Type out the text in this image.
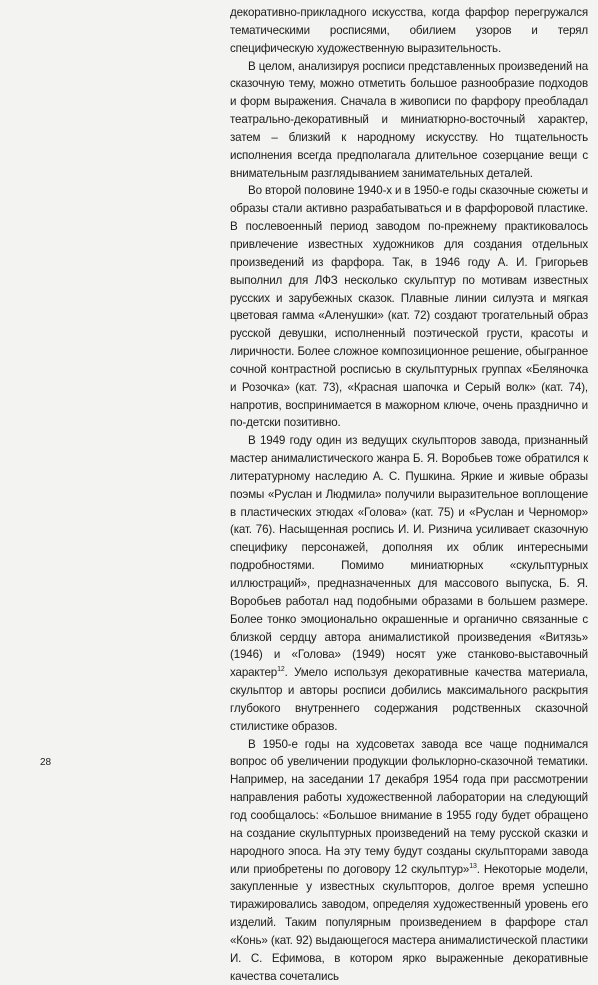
декоративно-прикладного искусства, когда фарфор перегружался тематическими росписями, обилием узоров и терял специфическую художественную выразительность.

В целом, анализируя росписи представленных произведений на сказочную тему, можно отметить большое разнообразие подходов и форм выражения. Сначала в живописи по фарфору преобладал театрально-декоративный и миниатюрно-восточный характер, затем – близкий к народному искусству. Но тщательность исполнения всегда предполагала длительное созерцание вещи с внимательным разглядыванием занимательных деталей.

Во второй половине 1940-х и в 1950-е годы сказочные сюжеты и образы стали активно разрабатываться и в фарфоровой пластике. В послевоенный период заводом по-прежнему практиковалось привлечение известных художников для создания отдельных произведений из фарфора. Так, в 1946 году А. И. Григорьев выполнил для ЛФЗ несколько скульптур по мотивам известных русских и зарубежных сказок. Плавные линии силуэта и мягкая цветовая гамма «Аленушки» (кат. 72) создают трогательный образ русской девушки, исполненный поэтической грусти, красоты и лиричности. Более сложное композиционное решение, обыгранное сочной контрастной росписью в скульптурных группах «Беляночка и Розочка» (кат. 73), «Красная шапочка и Серый волк» (кат. 74), напротив, воспринимается в мажорном ключе, очень празднично и по-детски позитивно.

В 1949 году один из ведущих скульпторов завода, признанный мастер анималистического жанра Б. Я. Воробьев тоже обратился к литературному наследию А. С. Пушкина. Яркие и живые образы поэмы «Руслан и Людмила» получили выразительное воплощение в пластических этюдах «Голова» (кат. 75) и «Руслан и Черномор» (кат. 76). Насыщенная роспись И. И. Ризнича усиливает сказочную специфику персонажей, дополняя их облик интересными подробностями. Помимо миниатюрных «скульптурных иллюстраций», предназначенных для массового выпуска, Б. Я. Воробьев работал над подобными образами в большем размере. Более тонко эмоционально окрашенные и органично связанные с близкой сердцу автора анималистикой произведения «Витязь» (1946) и «Голова» (1949) носят уже станково-выставочный характер$^{12}$. Умело используя декоративные качества материала, скульптор и авторы росписи добились максимального раскрытия глубокого внутреннего содержания родственных сказочной стилистике образов.

В 1950-е годы на худсоветах завода все чаще поднимался вопрос об увеличении продукции фольклорно-сказочной тематики. Например, на заседании 17 декабря 1954 года при рассмотрении направления работы художественной лаборатории на следующий год сообщалось: «Большое внимание в 1955 году будет обращено на создание скульптурных произведений на тему русской сказки и народного эпоса. На эту тему будут созданы скульпторами завода или приобретены по договору 12 скульптур»$^{13}$. Некоторые модели, закупленные у известных скульпторов, долгое время успешно тиражировались заводом, определяя художественный уровень его изделий. Таким популярным произведением в фарфоре стал «Конь» (кат. 92) выдающегося мастера анималистической пластики И. С. Ефимова, в котором ярко выраженные декоративные качества сочетались

28
